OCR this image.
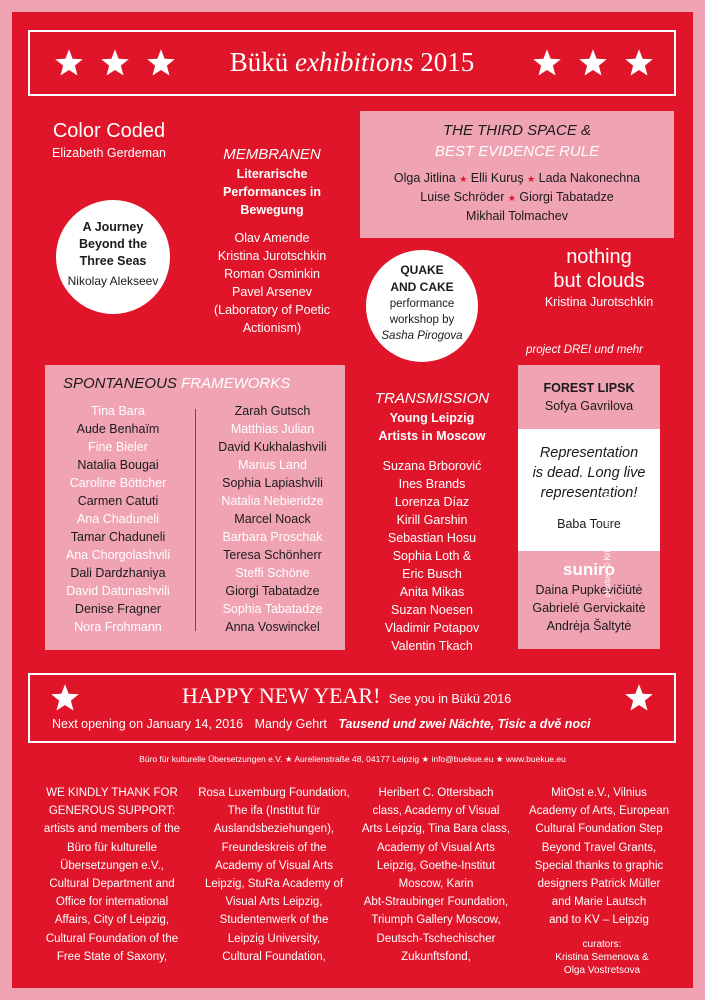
Bükü exhibitions 2015
Color Coded
Elizabeth Gerdeman	MEMBRANEN
Literarische
Performances in
Bewegung
Olav Amende
Kristina Jurotschkin
Roman Osminkin
Pavel Arsenev
(Laboratory of Poetic
Actionism)
THE THIRD SPACE &
BEST EVIDENCE RULE
Olga Jitlina ★ Elli Kuruş ★ Lada Nakonechna
Luise Schröder ★ Giorgi Tabatadze
Mikhail Tolmachev
A Journey
Beyond the
Three Seas
Nikolay Alekseev
QUAKE
AND CAKE
performance
workshop by
Sasha Pirogova
nothing
but clouds
Kristina Jurotschkin
project DREI und mehr
SPONTANEOUS FRAMEWORKS
Tina Bara
Aude Benhaïm
Fine Bieler
Natalia Bougai
Caroline Böttcher
Carmen Catuti
Ana Chaduneli
Tamar Chaduneli
Ana Chorgolashvili
Dali Dardzhaniya
David Datunashvili
Denise Fragner
Nora Frohmann
Zarah Gutsch
Matthias Julian
David Kukhalashvili
Marius Land
Sophia Lapiashvili
Natalia Nebieridze
Marcel Noack
Barbara Proschak
Teresa Schönherr
Steffi Schöne
Giorgi Tabatadze
Sophia Tabatadze
Anna Voswinckel
TRANSMISSION
Young Leipzig
Artists in Moscow
Suzana Brborović
Ines Brands
Lorenza Díaz
Kirill Garshin
Sebastian Hosu
Sophia Loth &
Eric Busch
Anita Mikas
Suzan Noesen
Vladimir Potapov
Valentin Tkach
FOREST LIPSK
Sofya Gavrilova
Representation
is dead. Long live
representation!
Baba Toure
suniro
Daina Pupkevičiūtė
Gabrielė Gervickaitė
Andrėja Šaltytė
photos: © Kristina Jurotschkin
HAPPY NEW YEAR! See you in Bükü 2016
Next opening on January 14, 2016 Mandy Gehrt Tausend und zwei Nächte, Tisíc a dvě noci
Büro für kulturelle Übersetzungen e.V. ★ Aurelienstraße 48, 04177 Leipzig ★ info@buekue.eu ★ www.buekue.eu
WE KINDLY THANK FOR
GENEROUS SUPPORT:
artists and members of the
Büro für kulturelle
Übersetzungen e.V.,
Cultural Department and
Office for international
Affairs, City of Leipzig,
Cultural Foundation of the
Free State of Saxony,
Rosa Luxemburg Foundation,
The ifa (Institut für
Auslandsbeziehungen),
Freundeskreis of the
Academy of Visual Arts
Leipzig, StuRa Academy of
Visual Arts Leipzig,
Studentenwerk of the
Leipzig University,
Cultural Foundation,
Heribert C. Ottersbach
class, Academy of Visual
Arts Leipzig, Tina Bara class,
Academy of Visual Arts
Leipzig, Goethe-Institut
Moscow, Karin
Abt-Straubinger Foundation,
Triumph Gallery Moscow,
Deutsch-Tschechischer
Zukunftsfond,
MitOst e.V., Vilnius
Academy of Arts, European
Cultural Foundation Step
Beyond Travel Grants,
Special thanks to graphic
designers Patrick Müller
and Marie Lautsch
and to KV – Leipzig
curators:
Kristina Semenova &
Olga Vostretsova
